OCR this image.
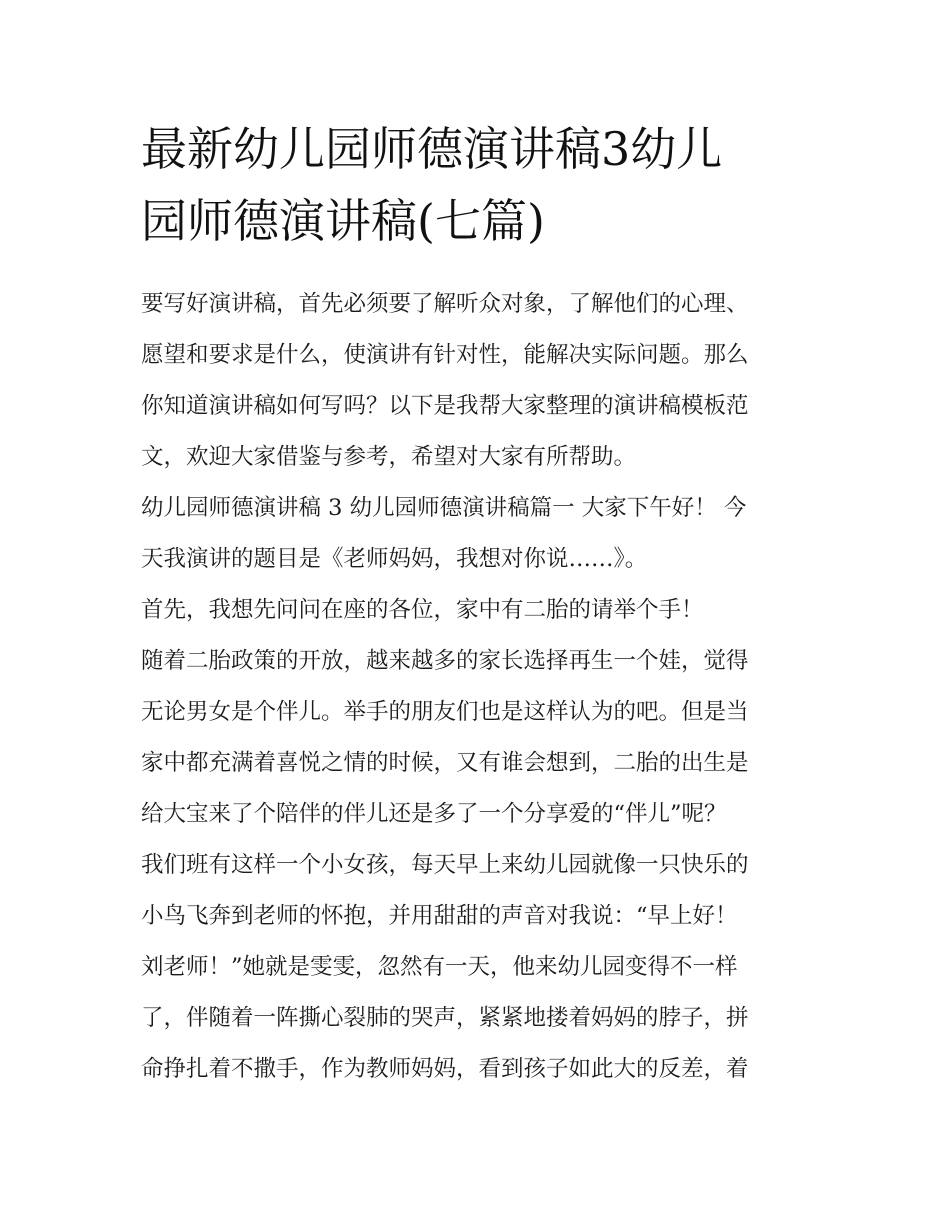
最新幼儿园师德演讲稿3幼儿
园师德演讲稿(七篇)
要写好演讲稿，首先必须要了解听众对象，了解他们的心理、
愿望和要求是什么，使演讲有针对性，能解决实际问题。那么
你知道演讲稿如何写吗？以下是我帮大家整理的演讲稿模板范
文，欢迎大家借鉴与参考，希望对大家有所帮助。
幼儿园师德演讲稿 3 幼儿园师德演讲稿篇一 大家下午好！ 今
天我演讲的题目是《老师妈妈，我想对你说……》。
首先，我想先问问在座的各位，家中有二胎的请举个手！
随着二胎政策的开放，越来越多的家长选择再生一个娃，觉得
无论男女是个伴儿。举手的朋友们也是这样认为的吧。但是当
家中都充满着喜悦之情的时候，又有谁会想到，二胎的出生是
给大宝来了个陪伴的伴儿还是多了一个分享爱的“伴儿”呢？
我们班有这样一个小女孩，每天早上来幼儿园就像一只快乐的
小鸟飞奔到老师的怀抱，并用甜甜的声音对我说：“早上好！
刘老师！”她就是雯雯，忽然有一天，他来幼儿园变得不一样
了，伴随着一阵撕心裂肺的哭声，紧紧地搂着妈妈的脖子，拼
命挣扎着不撒手，作为教师妈妈，看到孩子如此大的反差，着
